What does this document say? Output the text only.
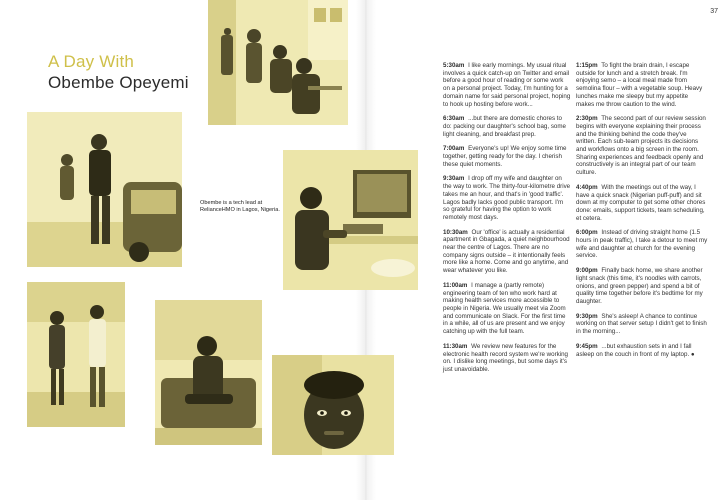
37
A Day With
Obembe Opeyemi
Obembe is a tech lead at RelianceHMO in Lagos, Nigeria.

5:30am I like early mornings. My usual ritual involves a quick catch-up on Twitter and email before a good hour of reading or some work on a personal project. Today, I'm hunting for a domain name for said personal project, hoping to hook up hosting before work...

6:30am ...but there are domestic chores to do: packing our daughter's school bag, some light cleaning, and breakfast prep.

7:00am Everyone's up! We enjoy some time together, getting ready for the day. I cherish these quiet moments.

9:30am I drop off my wife and daughter on the way to work. The thirty-four-kilometre drive takes me an hour, and that's in 'good traffic'. Lagos badly lacks good public transport. I'm so grateful for having the option to work remotely most days.

10:30am Our 'office' is actually a residential apartment in Gbagada, a quiet neighbourhood near the centre of Lagos. There are no company signs outside – it intentionally feels more like a home. Come and go anytime, and wear whatever you like.

11:00am I manage a (partly remote) engineering team of ten who work hard at making health services more accessible to people in Nigeria. We usually meet via Zoom and communicate on Slack. For the first time in a while, all of us are present and we enjoy catching up with the full team.

11:30am We review new features for the electronic health record system we're working on. I dislike long meetings, but some days it's just unavoidable.

1:15pm To fight the brain drain, I escape outside for lunch and a stretch break. I'm enjoying semo – a local meal made from semolina flour – with a vegetable soup. Heavy lunches make me sleepy but my appetite makes me throw caution to the wind.

2:30pm The second part of our review session begins with everyone explaining their process and the thinking behind the code they've written. Each sub-team projects its decisions and workflows onto a big screen in the room. Sharing experiences and feedback openly and constructively is an integral part of our team culture.

4:40pm With the meetings out of the way, I have a quick snack (Nigerian puff-puff) and sit down at my computer to get some other chores done: emails, support tickets, team scheduling, et cetera.

6:00pm Instead of driving straight home (1.5 hours in peak traffic), I take a detour to meet my wife and daughter at church for the evening service.

9:00pm Finally back home, we share another light snack (this time, it's noodles with carrots, onions, and green pepper) and spend a bit of quality time together before it's bedtime for my daughter.

9:30pm She's asleep! A chance to continue working on that server setup I didn't get to finish in the morning...

9:45pm ...but exhaustion sets in and I fall asleep on the couch in front of my laptop. ●
